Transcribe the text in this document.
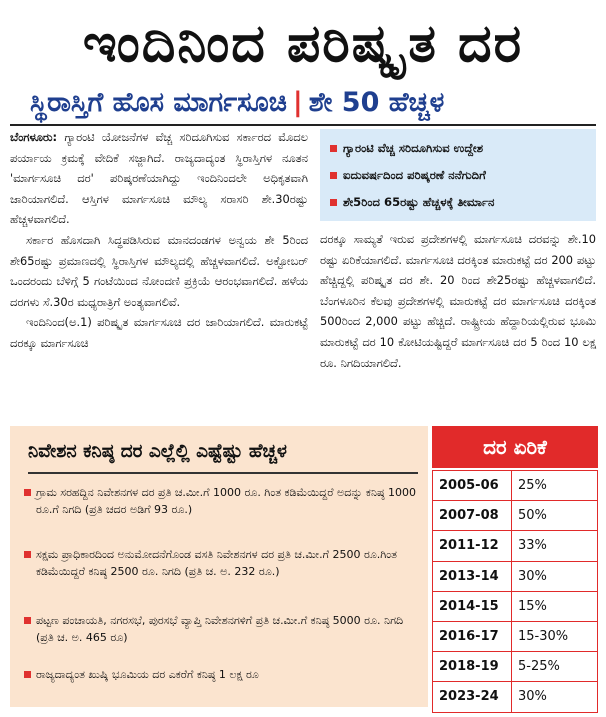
ಇಂದಿನಿಂದ ಪರಿಷ್ಕೃತ ದರ
ಸ್ಥಿರಾಸ್ತಿಗೆ ಹೊಸ ಮಾರ್ಗಸೂಚಿ | ಶೇ 50 ಹೆಚ್ಚಳ

ಬೆಂಗಳೂರು: ಗ್ಯಾರಂಟಿ ಯೋಜನೆಗಳ ವೆಚ್ಚ ಸರಿದೂಗಿಸುವ ಸರ್ಕಾರದ ಮೊದಲ ಪರ್ಯಾಯ ಕ್ರಮಕ್ಕೆ ವೇದಿಕೆ ಸಜ್ಜಾಗಿದೆ. ರಾಜ್ಯದಾದ್ಯಂತ ಸ್ಥಿರಾಸ್ತಿಗಳ ನೂತನ 'ಮಾರ್ಗಸೂಚಿ ದರ' ಪರಿಷ್ಕರಣೆಯಾಗಿದ್ದು ಇಂದಿನಿಂದಲೇ ಅಧಿಕೃತವಾಗಿ ಜಾರಿಯಾಗಲಿದೆ. ಆಸ್ತಿಗಳ ಮಾರ್ಗಸೂಚಿ ಮೌಲ್ಯ ಸರಾಸರಿ ಶೇ.30ರಷ್ಟು ಹೆಚ್ಚಳವಾಗಲಿದೆ.

ಸರ್ಕಾರ ಹೊಸದಾಗಿ ಸಿದ್ಧಪಡಿಸಿರುವ ಮಾನದಂಡಗಳ ಅನ್ವಯ ಶೇ 5ರಿಂದ ಶೇ65ರಷ್ಟು ಪ್ರಮಾಣದಲ್ಲಿ ಸ್ಥಿರಾಸ್ತಿಗಳ ಮೌಲ್ಯದಲ್ಲಿ ಹೆಚ್ಚಳವಾಗಲಿದೆ. ಅಕ್ಟೋಬರ್ ಒಂದರಂದು ಬೆಳಿಗ್ಗೆ 5 ಗಂಟೆಯಿಂದ ನೋಂದಣಿ ಪ್ರಕ್ರಿಯೆ ಆರಂಭವಾಗಲಿದೆ. ಹಳೆಯ ದರಗಳು ಸೆ.30ರ ಮಧ್ಯರಾತ್ರಿಗೆ ಅಂತ್ಯವಾಗಲಿವೆ.

ಇಂದಿನಿಂದ(ಅ.1) ಪರಿಷ್ಕೃತ ಮಾರ್ಗಸೂಚಿ ದರ ಜಾರಿಯಾಗಲಿದೆ. ಮಾರುಕಟ್ಟೆ ದರಕ್ಕೂ ಮಾರ್ಗಸೂಚಿ

ಗ್ಯಾರಂಟಿ ವೆಚ್ಚ ಸರಿದೂಗಿಸುವ ಉದ್ದೇಶ
ಐದುವರ್ಷದಿಂದ ಪರಿಷ್ಕರಣೆ ನನೆಗುದಿಗೆ
ಶೇ5ರಿಂದ 65ರಷ್ಟು ಹೆಚ್ಚಳಕ್ಕೆ ತೀರ್ಮಾನ

ದರಕ್ಕೂ ಸಾಮ್ಯತೆ ಇರುವ ಪ್ರದೇಶಗಳಲ್ಲಿ ಮಾರ್ಗಸೂಚಿ ದರವನ್ನು ಶೇ.10 ರಷ್ಟು ಏರಿಕೆಯಾಗಲಿದೆ. ಮಾರ್ಗಸೂಚಿ ದರಕ್ಕಿಂತ ಮಾರುಕಟ್ಟೆ ದರ 200 ಪಟ್ಟು ಹೆಚ್ಚಿದ್ದಲ್ಲಿ ಪರಿಷ್ಕೃತ ದರ ಶೇ. 20 ರಿಂದ ಶೇ25ರಷ್ಟು ಹೆಚ್ಚಳವಾಗಲಿದೆ. ಬೆಂಗಳೂರಿನ ಕೆಲವು ಪ್ರದೇಶಗಳಲ್ಲಿ ಮಾರುಕಟ್ಟೆ ದರ ಮಾರ್ಗಸೂಚಿ ದರಕ್ಕಿಂತ 500ರಿಂದ 2,000 ಪಟ್ಟು ಹೆಚ್ಚಿದೆ. ರಾಷ್ಟ್ರೀಯ ಹೆದ್ದಾರಿಯಲ್ಲಿರುವ ಭೂಮಿ ಮಾರುಕಟ್ಟೆ ದರ 10 ಕೋಟಿಯಷ್ಟಿದ್ದರೆ ಮಾರ್ಗಸೂಚಿ ದರ 5 ರಿಂದ 10 ಲಕ್ಷ ರೂ. ನಿಗದಿಯಾಗಲಿದೆ.

ನಿವೇಶನ ಕನಿಷ್ಠ ದರ ಎಲ್ಲೆಲ್ಲಿ ಎಷ್ಟೆಷ್ಟು ಹೆಚ್ಚಳ
ಗ್ರಾಮ ಸರಹದ್ದಿನ ನಿವೇಶನಗಳ ದರ ಪ್ರತಿ ಚ.ಮೀ.ಗೆ 1000 ರೂ. ಗಿಂತ ಕಡಿಮೆಯಿದ್ದರೆ ಅದನ್ನು ಕನಿಷ್ಠ 1000 ರೂ.ಗೆ ನಿಗದಿ (ಪ್ರತಿ ಚದರ ಅಡಿಗೆ 93 ರೂ.)
ಸಕ್ಷಮ ಪ್ರಾಧಿಕಾರದಿಂದ ಅನುಮೋದನೆಗೊಂಡ ವಸತಿ ನಿವೇಶನಗಳ ದರ ಪ್ರತಿ ಚ.ಮೀ.ಗೆ 2500 ರೂ.ಗಿಂತ ಕಡಿಮೆಯಿದ್ದರೆ ಕನಿಷ್ಠ 2500 ರೂ. ನಿಗದಿ (ಪ್ರತಿ ಚ. ಅ. 232 ರೂ.)
ಪಟ್ಟಣ ಪಂಚಾಯತಿ, ನಗರಸಭೆ, ಪುರಸಭೆ ವ್ಯಾಪ್ತಿ ನಿವೇಶನಗಳಿಗೆ ಪ್ರತಿ ಚ.ಮೀ.ಗೆ ಕನಿಷ್ಠ 5000 ರೂ. ನಿಗದಿ (ಪ್ರತಿ ಚ. ಅ. 465 ರೂ)
ರಾಜ್ಯದಾದ್ಯಂತ ಖುಷ್ಕಿ ಭೂಮಿಯ ದರ ಎಕರೆಗೆ ಕನಿಷ್ಠ 1 ಲಕ್ಷ ರೂ
ದರ ಏರಿಕೆ
2005-06	25%
2007-08	50%
2011-12	33%
2013-14	30%
2014-15	15%
2016-17	15-30%
2018-19	5-25%
2023-24	30%
